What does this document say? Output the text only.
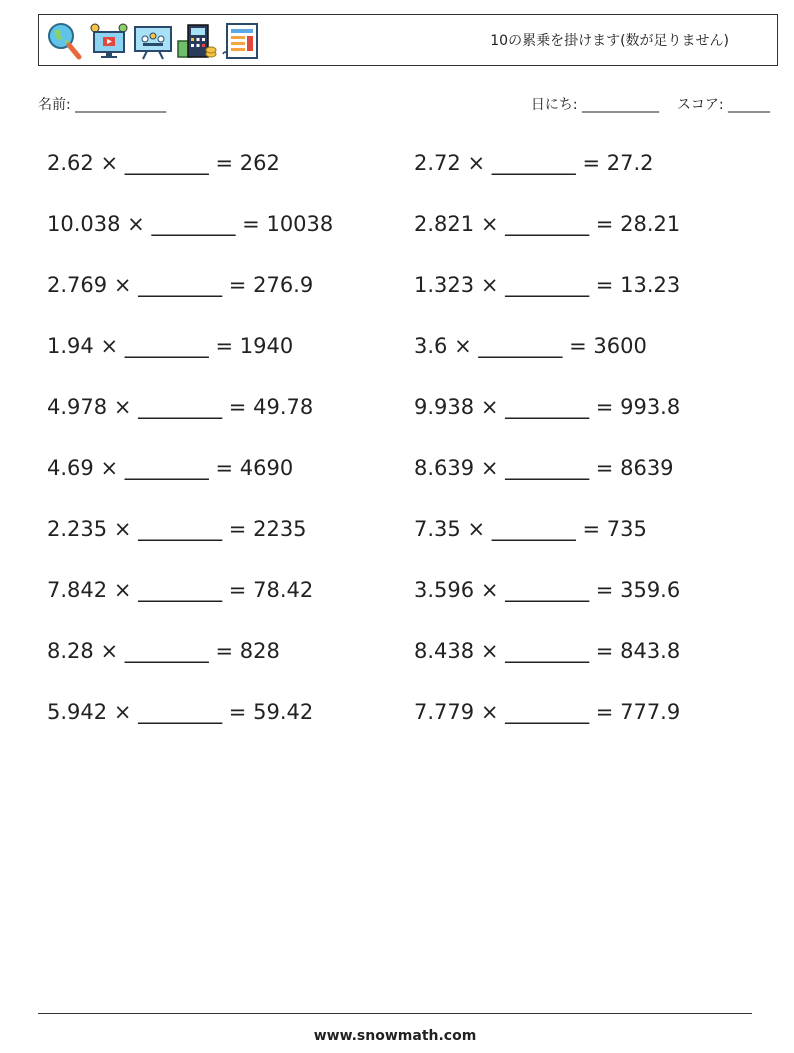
10の累乗を掛けます(数が足りません)
名前: _____________	日にち: ___________ スコア: ______
2.62 × ________ = 262	2.72 × ________ = 27.2
10.038 × ________ = 10038	2.821 × ________ = 28.21
2.769 × ________ = 276.9	1.323 × ________ = 13.23
1.94 × ________ = 1940	3.6 × ________ = 3600
4.978 × ________ = 49.78	9.938 × ________ = 993.8
4.69 × ________ = 4690	8.639 × ________ = 8639
2.235 × ________ = 2235	7.35 × ________ = 735
7.842 × ________ = 78.42	3.596 × ________ = 359.6
8.28 × ________ = 828	8.438 × ________ = 843.8
5.942 × ________ = 59.42	7.779 × ________ = 777.9
www.snowmath.com
